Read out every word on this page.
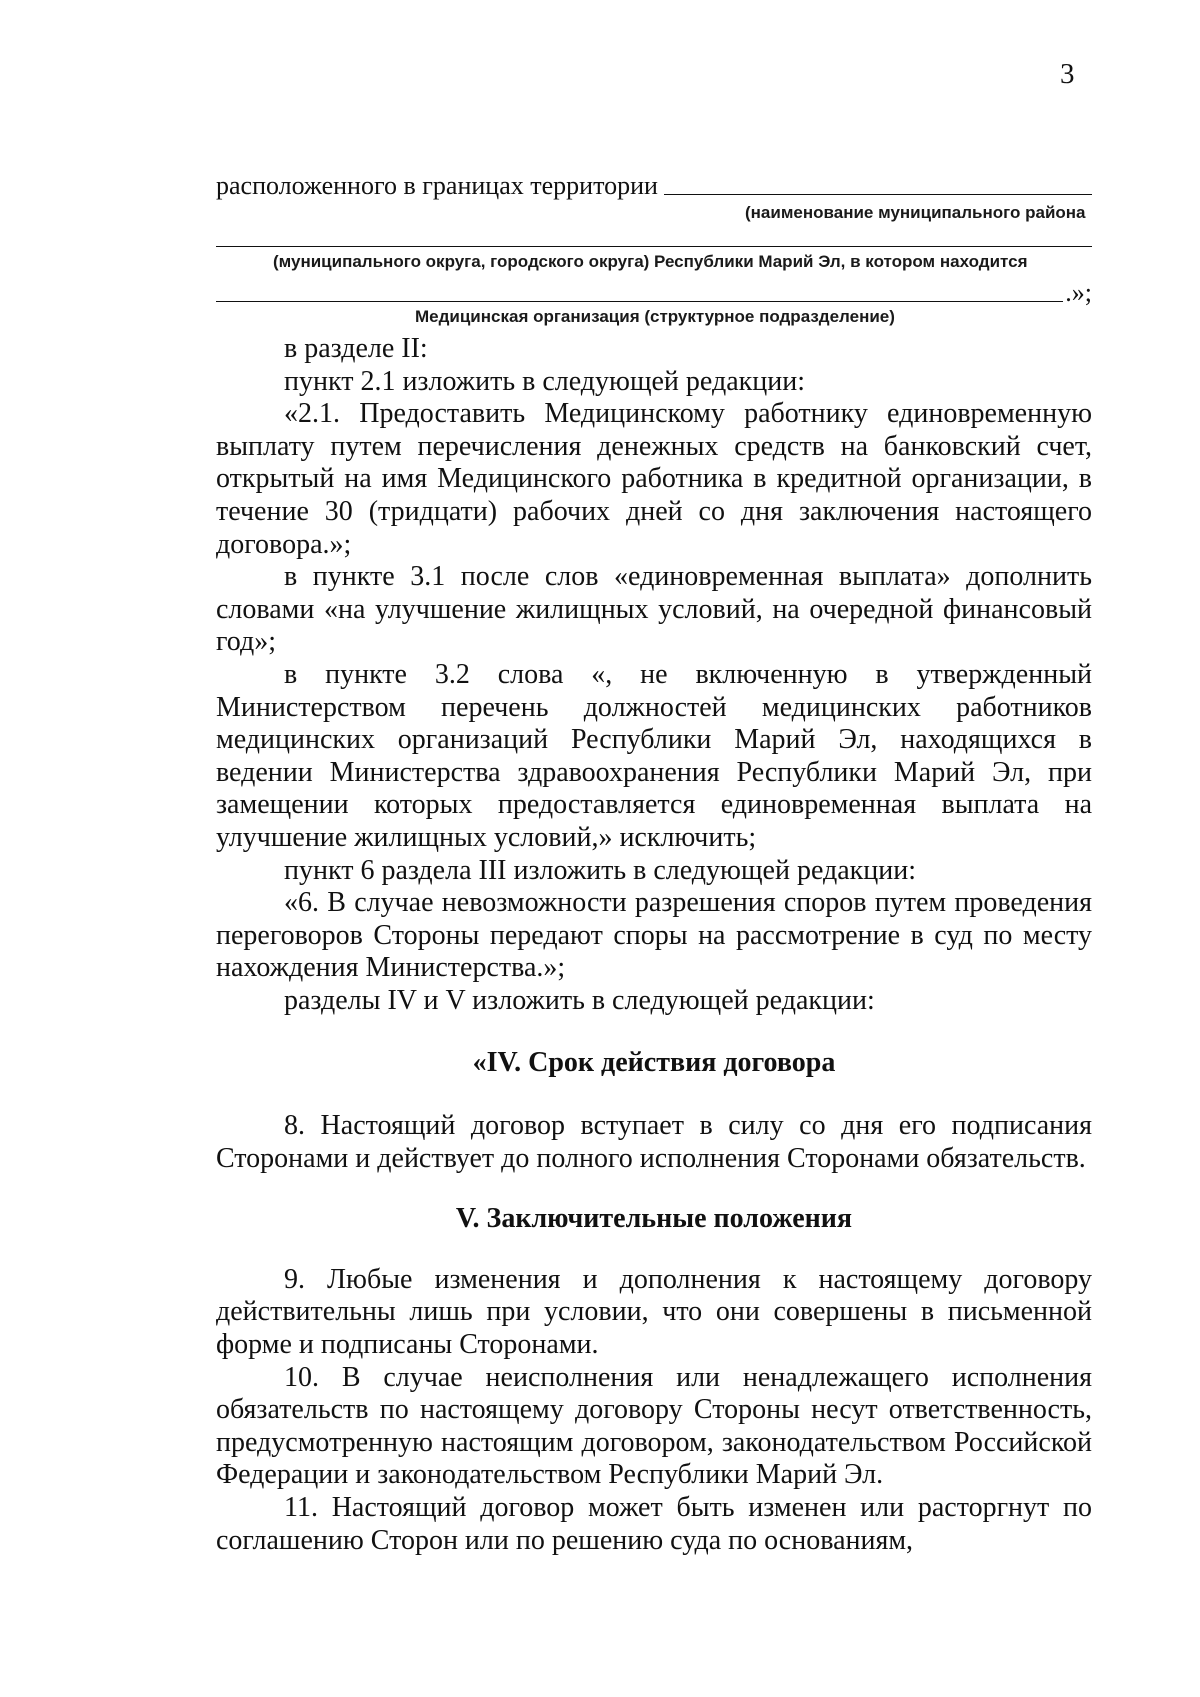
3
расположенного в границах территории
(наименование муниципального района
(муниципального округа, городского округа) Республики Марий Эл, в котором находится
.»;
Медицинская организация (структурное подразделение)

в разделе II:

пункт 2.1 изложить в следующей редакции:

«2.1. Предоставить Медицинскому работнику единовременную выплату путем перечисления денежных средств на банковский счет, открытый на имя Медицинского работника в кредитной организации, в течение 30 (тридцати) рабочих дней со дня заключения настоящего договора.»;

в пункте 3.1 после слов «единовременная выплата» дополнить словами «на улучшение жилищных условий, на очередной финансовый год»;

в пункте 3.2 слова «, не включенную в утвержденный Министерством перечень должностей медицинских работников медицинских организаций Республики Марий Эл, находящихся в ведении Министерства здравоохранения Республики Марий Эл, при замещении которых предоставляется единовременная выплата на улучшение жилищных условий,» исключить;

пункт 6 раздела III изложить в следующей редакции:

«6. В случае невозможности разрешения споров путем проведения переговоров Стороны передают споры на рассмотрение в суд по месту нахождения Министерства.»;

разделы IV и V изложить в следующей редакции:

«IV. Срок действия договора

8. Настоящий договор вступает в силу со дня его подписания Сторонами и действует до полного исполнения Сторонами обязательств.

V. Заключительные положения

9. Любые изменения и дополнения к настоящему договору действительны лишь при условии, что они совершены в письменной форме и подписаны Сторонами.

10. В случае неисполнения или ненадлежащего исполнения обязательств по настоящему договору Стороны несут ответственность, предусмотренную настоящим договором, законодательством Российской Федерации и законодательством Республики Марий Эл.

11. Настоящий договор может быть изменен или расторгнут по соглашению Сторон или по решению суда по основаниям,
